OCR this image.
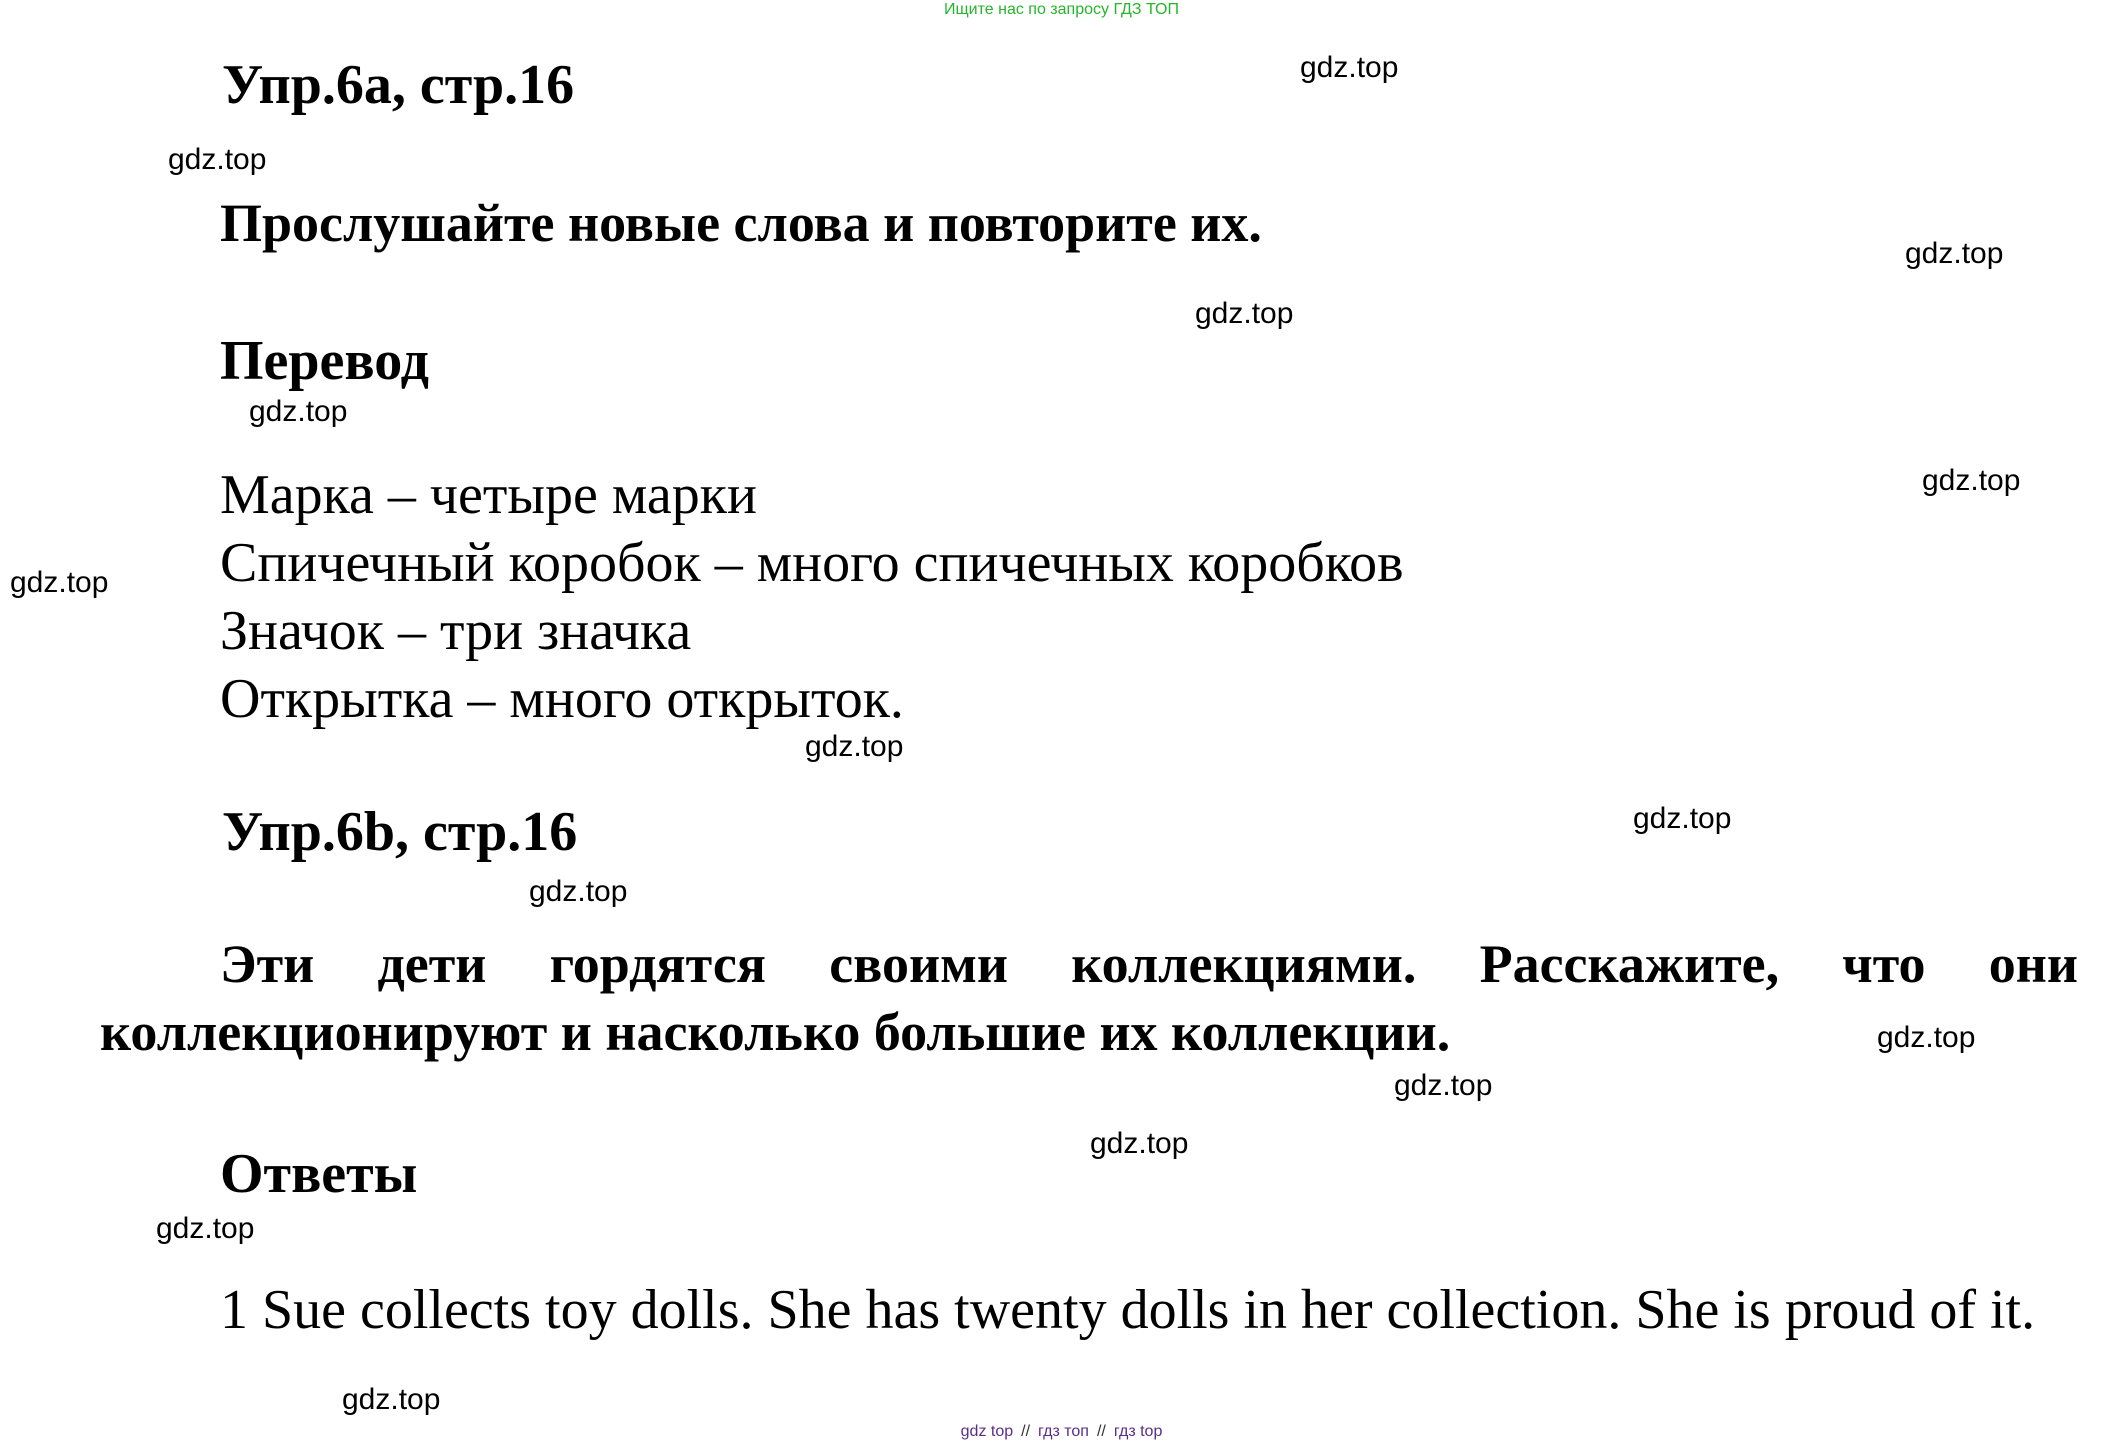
Ищите нас по запросу ГДЗ ТОП
Упр.6а, стр.16
Прослушайте новые слова и повторите их.
Перевод
Марка – четыре марки
Спичечный коробок – много спичечных коробков
Значок – три значка
Открытка – много открыток.
Упр.6b, стр.16
Эти дети гордятся своими коллекциями. Расскажите, что они коллекционируют и насколько большие их коллекции.
Ответы
1 Sue collects toy dolls. She has twenty dolls in her collection. She is proud of it.
gdz.top
gdz.top
gdz.top
gdz.top
gdz.top
gdz.top
gdz.top
gdz.top
gdz.top
gdz.top
gdz.top
gdz.top
gdz.top
gdz.top
gdz.top
gdz top // гдз топ // гдз top
